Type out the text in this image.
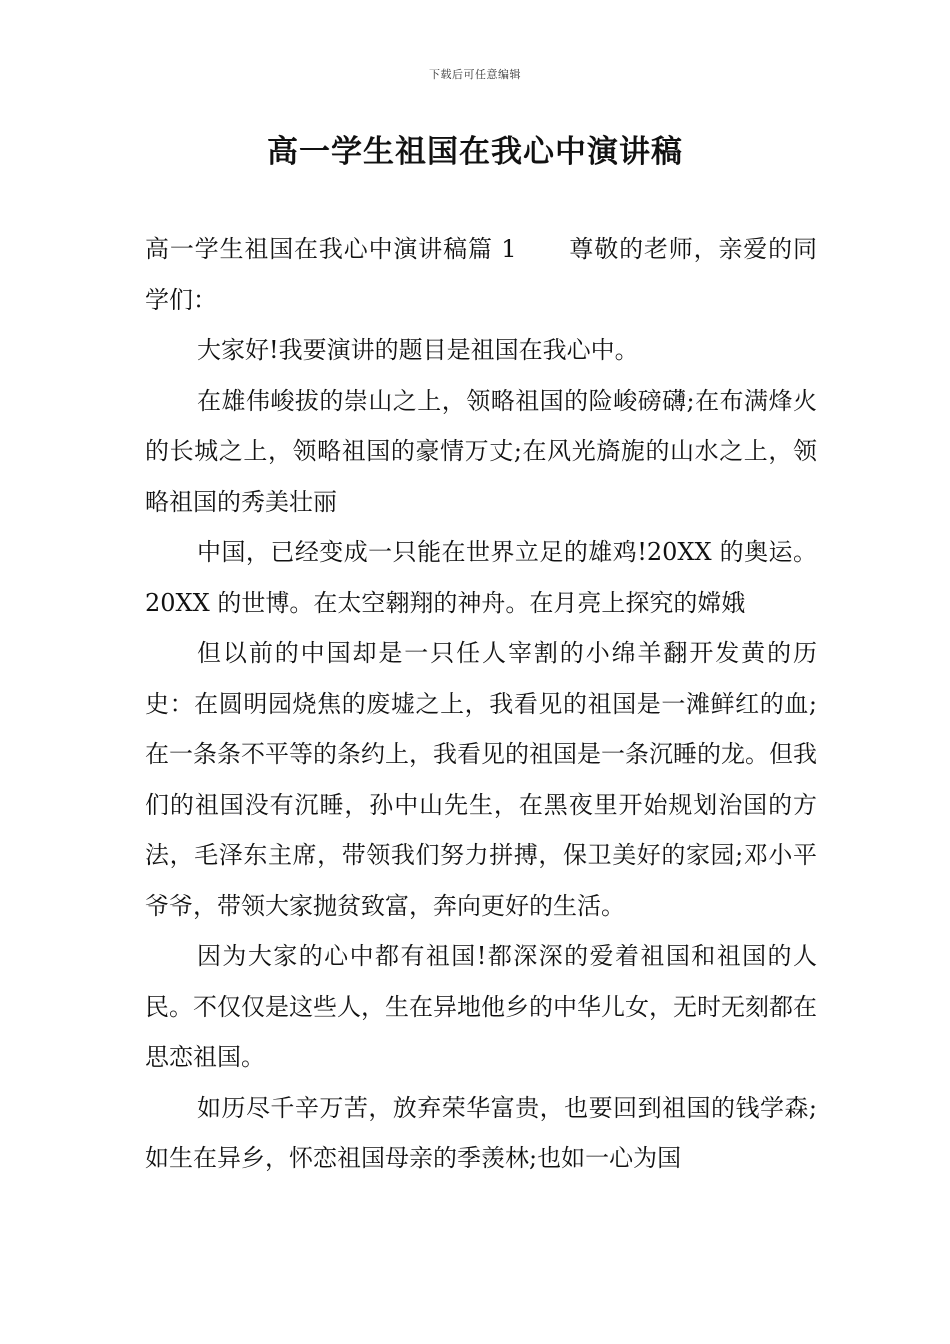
下载后可任意编辑
高一学生祖国在我心中演讲稿

高一学生祖国在我心中演讲稿篇 1 尊敬的老师，亲爱的同学们：

大家好!我要演讲的题目是祖国在我心中。

在雄伟峻拔的崇山之上，领略祖国的险峻磅礴;在布满烽火的长城之上，领略祖国的豪情万丈;在风光旖旎的山水之上，领略祖国的秀美壮丽

中国，已经变成一只能在世界立足的雄鸡!20XX 的奥运。20XX 的世博。在太空翱翔的神舟。在月亮上探究的嫦娥

但以前的中国却是一只任人宰割的小绵羊翻开发黄的历史：在圆明园烧焦的废墟之上，我看见的祖国是一滩鲜红的血;在一条条不平等的条约上，我看见的祖国是一条沉睡的龙。但我们的祖国没有沉睡，孙中山先生，在黑夜里开始规划治国的方法，毛泽东主席，带领我们努力拼搏，保卫美好的家园;邓小平爷爷，带领大家抛贫致富，奔向更好的生活。

因为大家的心中都有祖国!都深深的爱着祖国和祖国的人民。不仅仅是这些人，生在异地他乡的中华儿女，无时无刻都在思恋祖国。

如历尽千辛万苦，放弃荣华富贵，也要回到祖国的钱学森;如生在异乡，怀恋祖国母亲的季羡林;也如一心为国
